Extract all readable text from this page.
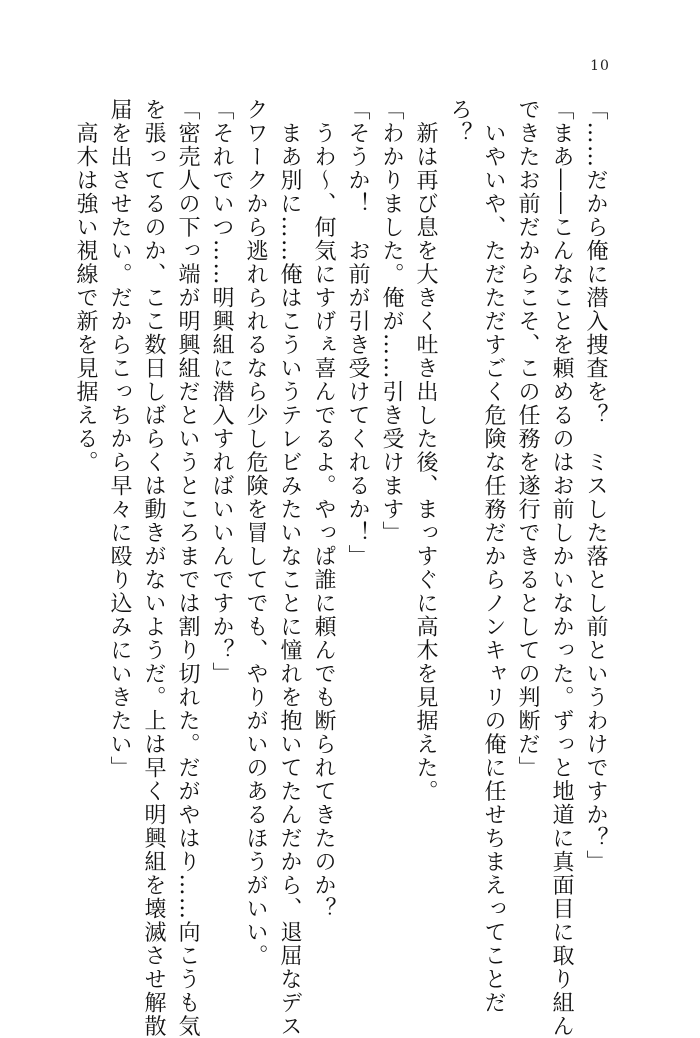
10
「……だから俺に潜入捜査を？　ミスした落とし前というわけですか？」
「まあ――こんなことを頼めるのはお前しかいなかった。ずっと地道に真面目に取り組ん
できたお前だからこそ、この任務を遂行できるとしての判断だ」
　いやいや、ただただすごく危険な任務だからノンキャリの俺に任せちまえってことだ
ろ？
　新は再び息を大きく吐き出した後、まっすぐに高木を見据えた。
「わかりました。俺が……引き受けます」
「そうか！　お前が引き受けてくれるか！」
　うわ～、何気にすげぇ喜んでるよ。やっぱ誰に頼んでも断られてきたのか？
　まあ別に……俺はこういうテレビみたいなことに憧れを抱いてたんだから、退屈なデス
クワークから逃れられるなら少し危険を冒してでも、やりがいのあるほうがいい。
「それでいつ……明興組に潜入すればいいんですか？」
「密売人の下っ端が明興組だというところまでは割り切れた。だがやはり……向こうも気
を張ってるのか、ここ数日しばらくは動きがないようだ。上は早く明興組を壊滅させ解散
届を出させたい。だからこっちから早々に殴り込みにいきたい」
　高木は強い視線で新を見据える。
